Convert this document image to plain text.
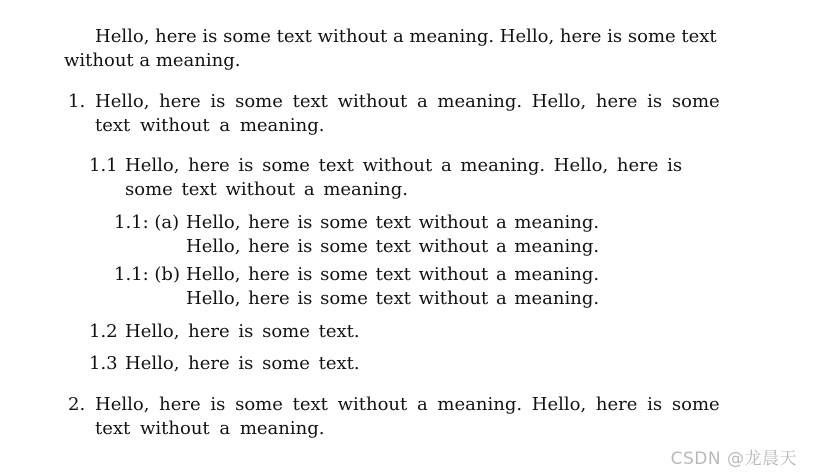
Hello, here is some text without a meaning. Hello, here is some text without a meaning.

1. Hello, here is some text without a meaning. Hello, here is some text without a meaning.
1.1 Hello, here is some text without a meaning. Hello, here is some text without a meaning.
1.1: (a) Hello, here is some text without a meaning. Hello, here is some text without a meaning.
1.1: (b) Hello, here is some text without a meaning. Hello, here is some text without a meaning.
1.2 Hello, here is some text.
1.3 Hello, here is some text.
2. Hello, here is some text without a meaning. Hello, here is some text without a meaning.
CSDN @龙晨天
